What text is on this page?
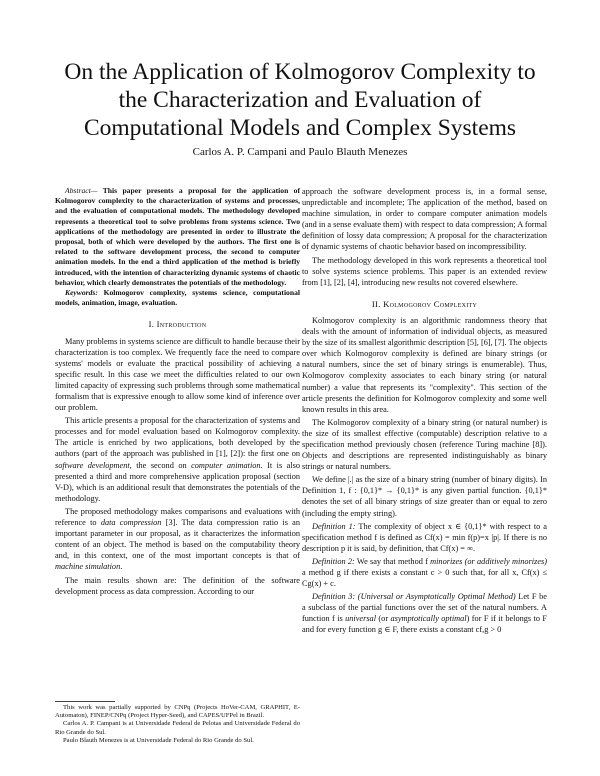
On the Application of Kolmogorov Complexity to
the Characterization and Evaluation of
Computational Models and Complex Systems
Carlos A. P. Campani and Paulo Blauth Menezes

Abstract— This paper presents a proposal for the application of Kolmogorov complexity to the characterization of systems and processes, and the evaluation of computational models. The methodology developed represents a theoretical tool to solve problems from systems science. Two applications of the methodology are presented in order to illustrate the proposal, both of which were developed by the authors. The first one is related to the software development process, the second to computer animation models. In the end a third application of the method is briefly introduced, with the intention of characterizing dynamic systems of chaotic behavior, which clearly demonstrates the potentials of the methodology.

Keywords: Kolmogorov complexity, systems science, computational models, animation, image, evaluation.

I. Introduction

Many problems in systems science are difficult to handle because their characterization is too complex. We frequently face the need to compare systems' models or evaluate the practical possibility of achieving a specific result. In this case we meet the difficulties related to our own limited capacity of expressing such problems through some mathematical formalism that is expressive enough to allow some kind of inference over our problem.

This article presents a proposal for the characterization of systems and processes and for model evaluation based on Kolmogorov complexity. The article is enriched by two applications, both developed by the authors (part of the approach was published in [1], [2]): the first one on software development, the second on computer animation. It is also presented a third and more comprehensive application proposal (section V-D), which is an additional result that demonstrates the potentials of the methodology.

The proposed methodology makes comparisons and evaluations with reference to data compression [3]. The data compression ratio is an important parameter in our proposal, as it characterizes the information content of an object. The method is based on the computability theory and, in this context, one of the most important concepts is that of machine simulation.

The main results shown are: The definition of the software development process as data compression. According to our

This work was partially supported by CNPq (Projects HoVer-CAM, GRAPHIT, E-Automaton), FINEP/CNPq (Project Hyper-Seed), and CAPES/UFPel in Brazil.

Carlos A. P. Campani is at Universidade Federal de Pelotas and Universidade Federal do Rio Grande do Sul.

Paulo Blauth Menezes is at Universidade Federal do Rio Grande do Sul.

approach the software development process is, in a formal sense, unpredictable and incomplete; The application of the method, based on machine simulation, in order to compare computer animation models (and in a sense evaluate them) with respect to data compression; A formal definition of lossy data compression; A proposal for the characterization of dynamic systems of chaotic behavior based on incompressibility.

The methodology developed in this work represents a theoretical tool to solve systems science problems. This paper is an extended review from [1], [2], [4], introducing new results not covered elsewhere.

II. Kolmogorov Complexity

Kolmogorov complexity is an algorithmic randomness theory that deals with the amount of information of individual objects, as measured by the size of its smallest algorithmic description [5], [6], [7]. The objects over which Kolmogorov complexity is defined are binary strings (or natural numbers, since the set of binary strings is enumerable). Thus, Kolmogorov complexity associates to each binary string (or natural number) a value that represents its "complexity". This section of the article presents the definition for Kolmogorov complexity and some well known results in this area.

The Kolmogorov complexity of a binary string (or natural number) is the size of its smallest effective (computable) description relative to a specification method previously chosen (reference Turing machine [8]). Objects and descriptions are represented indistinguishably as binary strings or natural numbers.

We define |.| as the size of a binary string (number of binary digits). In Definition 1, f : {0,1}* → {0,1}* is any given partial function. {0,1}* denotes the set of all binary strings of size greater than or equal to zero (including the empty string).

Definition 1: The complexity of object x ∈ {0,1}* with respect to a specification method f is defined as Cf(x) = min f(p)=x |p|. If there is no description p it is said, by definition, that Cf(x) = ∞.

Definition 2: We say that method f minorizes (or additively minorizes) a method g if there exists a constant c > 0 such that, for all x, Cf(x) ≤ Cg(x) + c.

Definition 3: (Universal or Asymptotically Optimal Method) Let F be a subclass of the partial functions over the set of the natural numbers. A function f is universal (or asymptotically optimal) for F if it belongs to F and for every function g ∈ F, there exists a constant cf,g > 0
